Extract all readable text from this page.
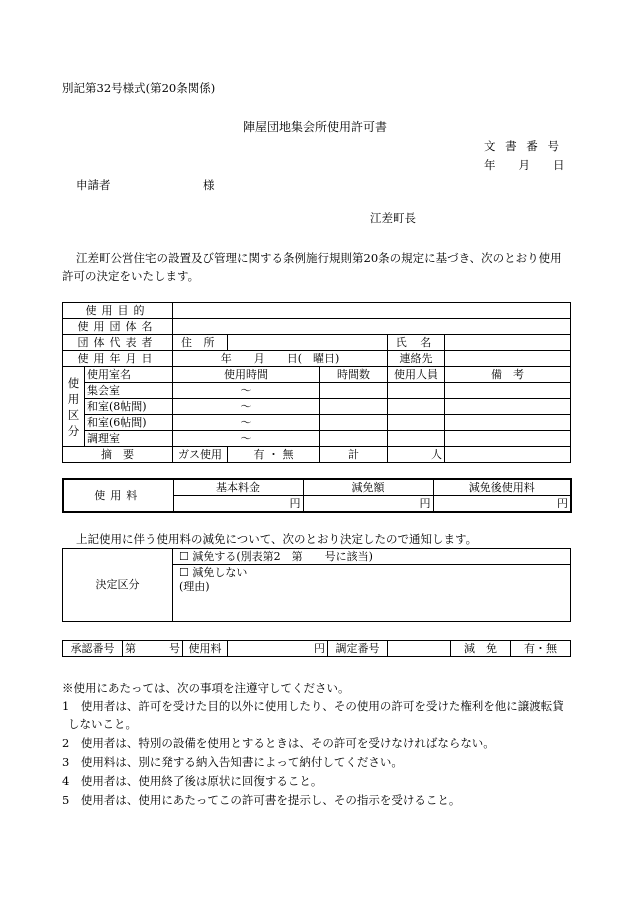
別記第32号様式(第20条関係)
陣屋団地集会所使用許可書
文 書 番 号
年　　月　　日
申請者	様
江差町長
江差町公営住宅の設置及び管理に関する条例施行規則第20条の規定に基づき、次のとおり使用
許可の決定をいたします。
使用目的						
使用団体名						
団体代表者		住 所			氏 名	
使用年月日		年　　月　　日(　曜日)			連絡先	

使用区分	使用室名	使用時間		時間数	使用人員	備　考
	集会室	〜				
	和室(8帖間)	〜				
	和室(6帖間)	〜				
	調理室	〜				
摘　要		ガス使用	有 ・ 無	計	人	
使用料	基本料金	減免額	減免後使用料
	円	円	円
上記使用に伴う使用料の減免について、次のとおり決定したので通知します。
決定区分	☐ 減免する(別表第2　第　　号に該当)
☐ 減免しない
(理由)
承認番号	第	号	使用料	円	調定番号		減　免	有・無
※使用にあたっては、次の事項を注遵守してください。
1　使用者は、許可を受けた目的以外に使用したり、その使用の許可を受けた権利を他に譲渡転貸
しないこと。
2　使用者は、特別の設備を使用とするときは、その許可を受けなければならない。
3　使用料は、別に発する納入告知書によって納付してください。
4　使用者は、使用終了後は原状に回復すること。
5　使用者は、使用にあたってこの許可書を提示し、その指示を受けること。
